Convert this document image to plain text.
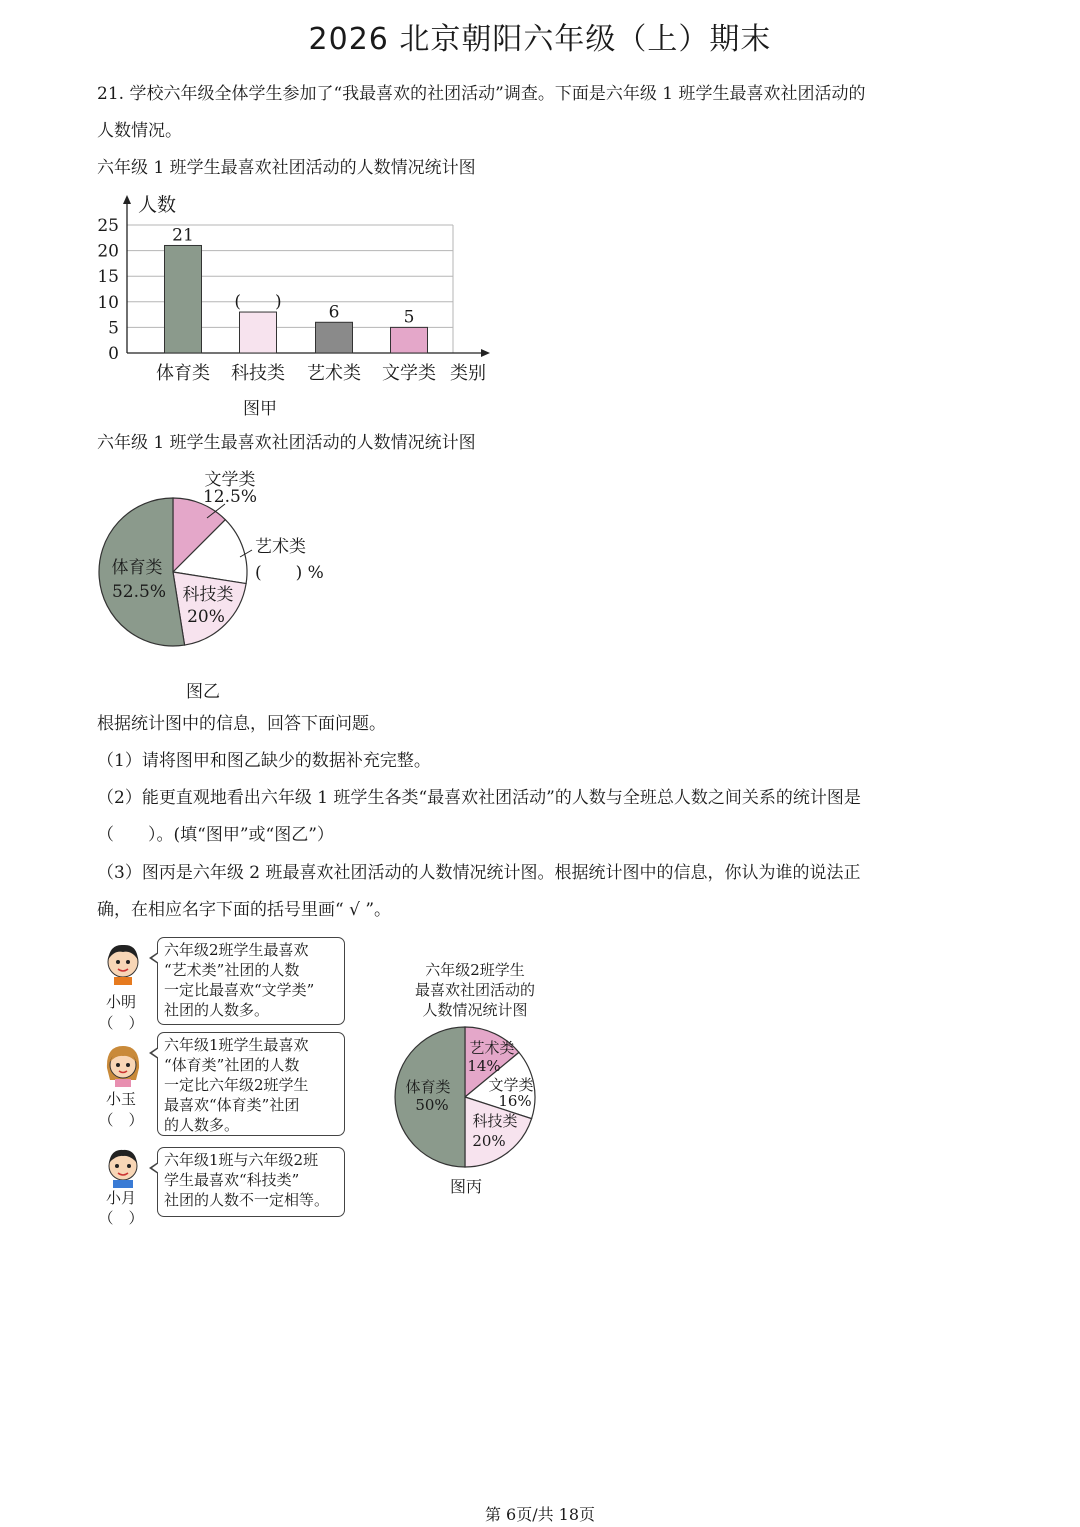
2026 北京朝阳六年级（上）期末
21. 学校六年级全体学生参加了“我最喜欢的社团活动”调查。下面是六年级 1 班学生最喜欢社团活动的
人数情况。
六年级 1 班学生最喜欢社团活动的人数情况统计图
0
5
10
15
20
25
人数
类别
体育类
21
科技类
(　　)
艺术类
6
文学类
5
图甲
六年级 1 班学生最喜欢社团活动的人数情况统计图
文学类
12.5%
艺术类
(　　) %
科技类
20%
体育类
52.5%
图乙
根据统计图中的信息，回答下面问题。
（1）请将图甲和图乙缺少的数据补充完整。
（2）能更直观地看出六年级 1 班学生各类“最喜欢社团活动”的人数与全班总人数之间关系的统计图是
（　　）。(填“图甲”或“图乙”）
（3）图丙是六年级 2 班最喜欢社团活动的人数情况统计图。根据统计图中的信息，你认为谁的说法正
确，在相应名字下面的括号里画“ √ ”。
小明
（　）
六年级2班学生最喜欢
“艺术类”社团的人数
一定比最喜欢“文学类”
社团的人数多。
小玉
（　）
六年级1班学生最喜欢
“体育类”社团的人数
一定比六年级2班学生
最喜欢“体育类”社团
的人数多。
小月
（　）
六年级1班与六年级2班
学生最喜欢“科技类”
社团的人数不一定相等。
六年级2班学生
最喜欢社团活动的
人数情况统计图
艺术类
14%
文学类
16%
科技类
20%
体育类
50%
图丙
第 6页/共 18页
